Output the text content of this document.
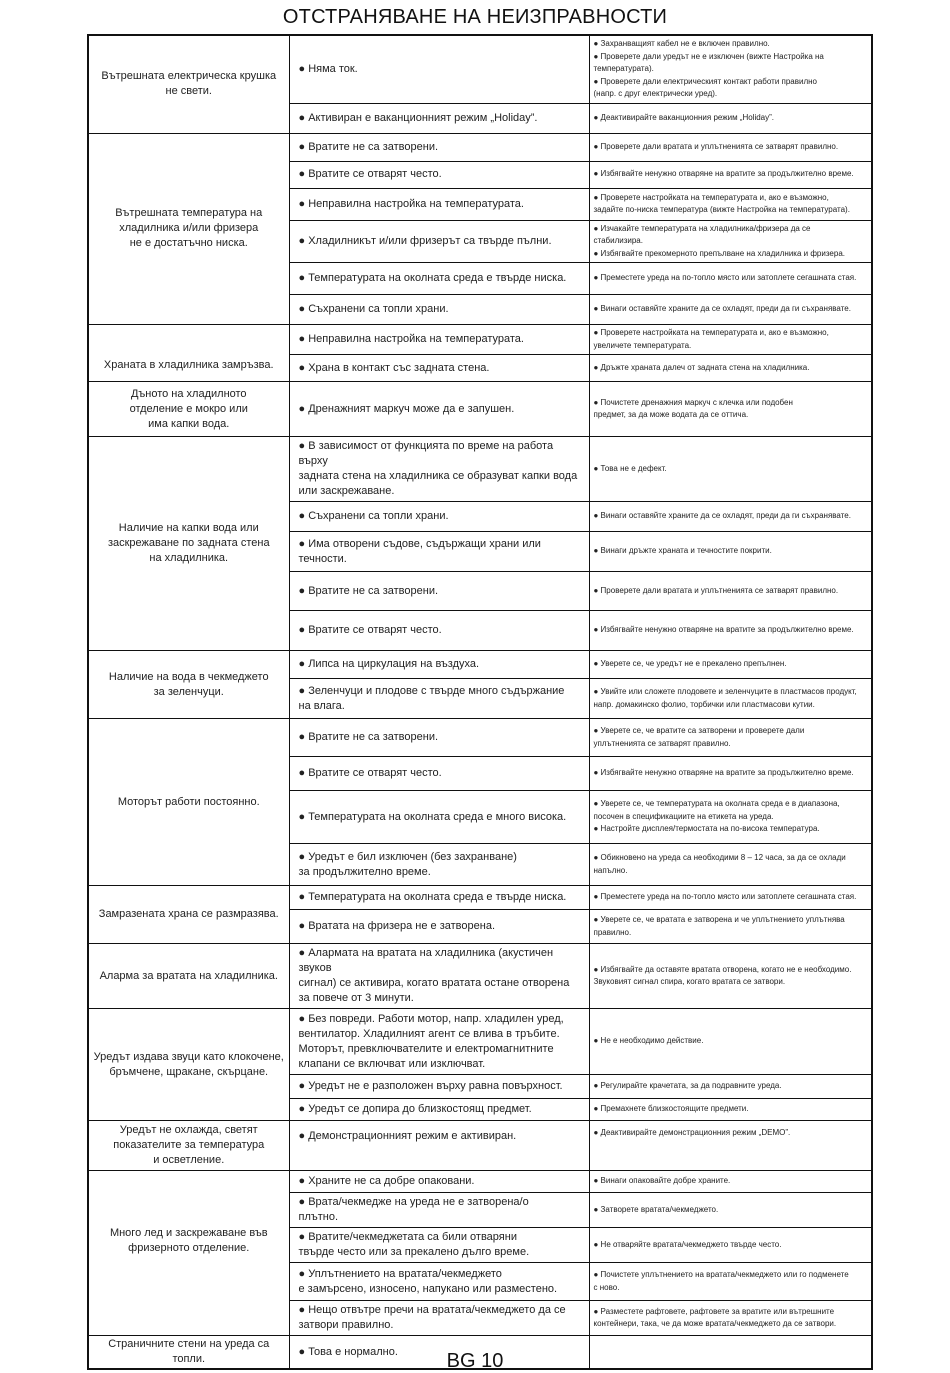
ОТСТРАНЯВАНЕ НА НЕИЗПРАВНОСТИ
Вътрешната електрическа крушка
не свети.	● Няма ток.	● Захранващият кабел не е включен правилно.
● Проверете дали уредът не е изключен (вижте Настройка на
температурата).
● Проверете дали електрическият контакт работи правилно
(напр. с друг електрически уред).

	● Активиран е ваканционният режим „Holiday”.	● Деактивирайте ваканционния режим „Holiday”.

Вътрешната температура на
хладилника и/или фризера
не е достатъчно ниска.	● Вратите не са затворени.	● Проверете дали вратата и уплътненията се затварят правилно.

	● Вратите се отварят често.	● Избягвайте ненужно отваряне на вратите за продължително време.

	● Неправилна настройка на температурата.	● Проверете настройката на температурата и, ако е възможно,
задайте по-ниска температура (вижте Настройка на температурата).

	● Хладилникът и/или фризерът са твърде пълни.	● Изчакайте температурата на хладилника/фризера да се
стабилизира.
● Избягвайте прекомерното препълване на хладилника и фризера.

	● Температурата на околната среда е твърде ниска.	● Преместете уреда на по-топло място или затоплете сегашната стая.

	● Съхранени са топли храни.	● Винаги оставяйте храните да се охладят, преди да ги съхранявате.

Храната в хладилника замръзва.	● Неправилна настройка на температурата.	● Проверете настройката на температурата и, ако е възможно,
увеличете температурата.

	● Храна в контакт със задната стена.	● Дръжте храната далеч от задната стена на хладилника.

Дъното на хладилното
отделение е мокро или
има капки вода.	● Дренажният маркуч може да е запушен.	● Почистете дренажния маркуч с клечка или подобен
предмет, за да може водата да се оттича.

Наличие на капки вода или
заскрежаване по задната стена
на хладилника.	● В зависимост от функцията по време на работа върху
задната стена на хладилника се образуват капки вода
или заскрежаване.	● Това не е дефект.

	● Съхранени са топли храни.	● Винаги оставяйте храните да се охладят, преди да ги съхранявате.

	● Има отворени съдове, съдържащи храни или течности.	● Винаги дръжте храната и течностите покрити.

	● Вратите не са затворени.	● Проверете дали вратата и уплътненията се затварят правилно.

	● Вратите се отварят често.	● Избягвайте ненужно отваряне на вратите за продължително време.

Наличие на вода в чекмеджето
за зеленчуци.	● Липса на циркулация на въздуха.	● Уверете се, че уредът не е прекалено препълнен.

	● Зеленчуци и плодове с твърде много съдържание
на влага.	● Увийте или сложете плодовете и зеленчуците в пластмасов продукт,
напр. домакинско фолио, торбички или пластмасови кутии.

Моторът работи постоянно.	● Вратите не са затворени.	● Уверете се, че вратите са затворени и проверете дали
уплътненията се затварят правилно.

	● Вратите се отварят често.	● Избягвайте ненужно отваряне на вратите за продължително време.

	● Температурата на околната среда е много висока.	● Уверете се, че температурата на околната среда е в диапазона,
посочен в спецификациите на етикета на уреда.
● Настройте дисплея/термостата на по-висока температура.

	● Уредът е бил изключен (без захранване)
за продължително време.	● Обикновено на уреда са необходими 8 – 12 часа, за да се охлади
напълно.

Замразената храна се размразява.	● Температурата на околната среда е твърде ниска.	● Преместете уреда на по-топло място или затоплете сегашната стая.

	● Вратата на фризера не е затворена.	● Уверете се, че вратата е затворена и че уплътнението уплътнява
правилно.

Аларма за вратата на хладилника.	● Алармата на вратата на хладилника (акустичен звуков
сигнал) се активира, когато вратата остане отворена
за повече от 3 минути.	● Избягвайте да оставяте вратата отворена, когато не е необходимо.
Звуковият сигнал спира, когато вратата се затвори.

Уредът издава звуци като клокочене,
бръмчене, щракане, скърцане.	● Без повреди. Работи мотор, напр. хладилен уред,
вентилатор. Хладилният агент се влива в тръбите.
Моторът, превключвателите и електромагнитните
клапани се включват или изключват.	● Не е необходимо действие.

	● Уредът не е разположен върху равна повърхност.	● Регулирайте крачетата, за да подравните уреда.

	● Уредът се допира до близкостоящ предмет.	● Премахнете близкостоящите предмети.

Уредът не охлажда, светят
показателите за температура
и осветление.	● Демонстрационният режим е активиран.	● Деактивирайте демонстрационния режим „DEMO”.

Много лед и заскрежаване във
фризерното отделение.	● Храните не са добре опаковани.	● Винаги опаковайте добре храните.

	● Врата/чекмедже на уреда не е затворена/о
плътно.	● Затворете вратата/чекмеджето.

	● Вратите/чекмеджетата са били отваряни
твърде често или за прекалено дълго време.	● Не отваряйте вратата/чекмеджето твърде често.

	● Уплътнението на вратата/чекмеджето
е замърсено, износено, напукано или разместено.	● Почистете уплътнението на вратата/чекмеджето или го подменете
с ново.

	● Нещо отвътре пречи на вратата/чекмеджето да се
затвори правилно.	● Разместете рафтовете, рафтовете за вратите или вътрешните
контейнери, така, че да може вратата/чекмеджето да се затвори.

Страничните стени на уреда са топли.	● Това е нормално.	
		BG 10
